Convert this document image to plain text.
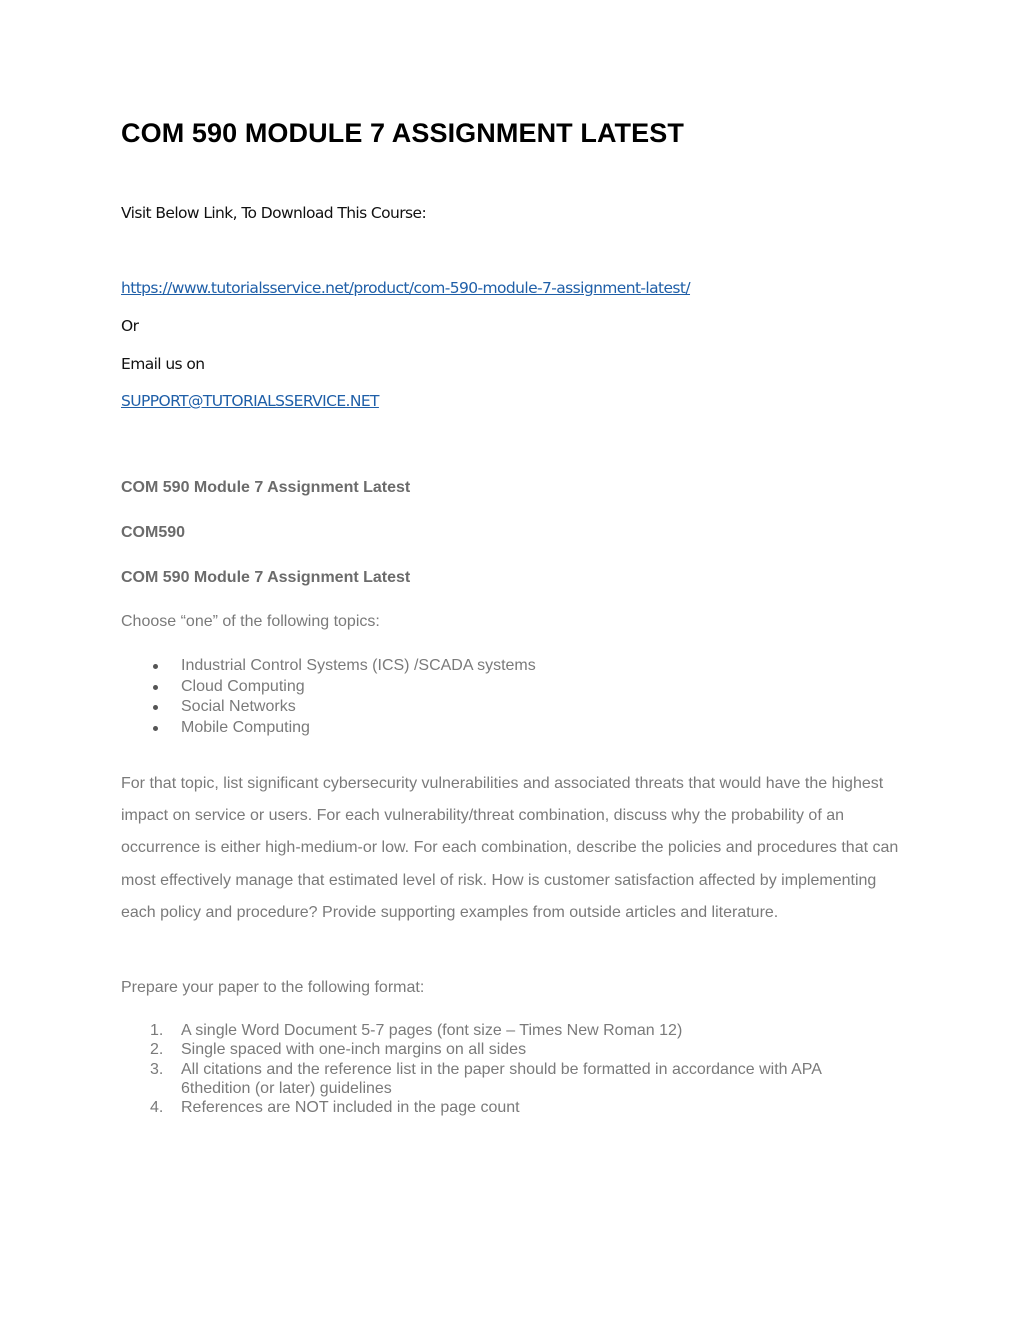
COM 590 MODULE 7 ASSIGNMENT LATEST

Visit Below Link, To Download This Course:

https://www.tutorialsservice.net/product/com-590-module-7-assignment-latest/

Or

Email us on

SUPPORT@TUTORIALSSERVICE.NET

COM 590 Module 7 Assignment Latest

COM590

COM 590 Module 7 Assignment Latest

Choose “one” of the following topics:

Industrial Control Systems (ICS) /SCADA systems
Cloud Computing
Social Networks
Mobile Computing

For that topic, list significant cybersecurity vulnerabilities and associated threats that would have the highest impact on service or users. For each vulnerability/threat combination, discuss why the probability of an occurrence is either high-medium-or low. For each combination, describe the policies and procedures that can most effectively manage that estimated level of risk. How is customer satisfaction affected by implementing each policy and procedure? Provide supporting examples from outside articles and literature.

Prepare your paper to the following format:

1. A single Word Document 5-7 pages (font size – Times New Roman 12)
2. Single spaced with one-inch margins on all sides
3. All citations and the reference list in the paper should be formatted in accordance with APA 6thedition (or later) guidelines
4. References are NOT included in the page count
